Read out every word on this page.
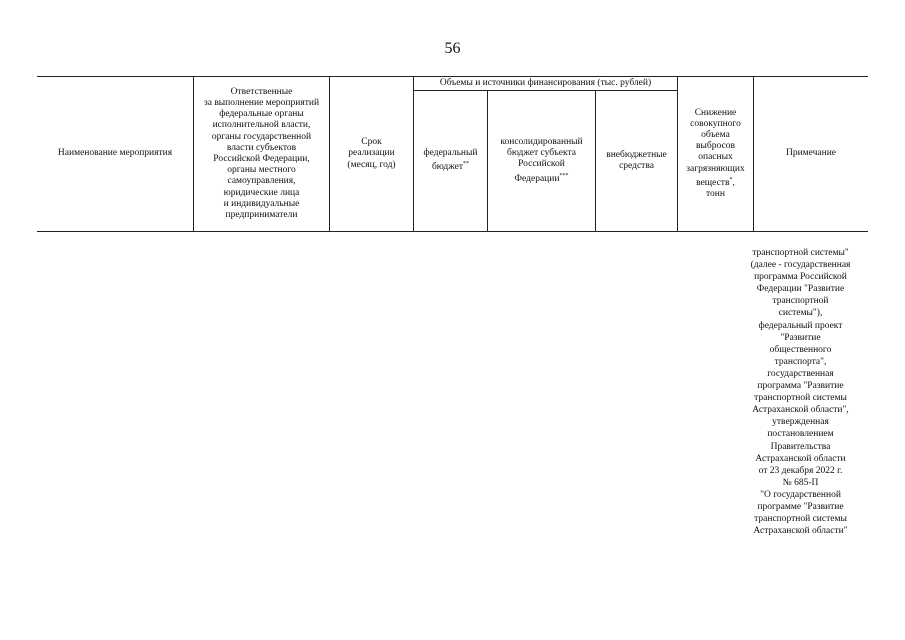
56
Наименование мероприятия
Ответственные
за выполнение мероприятий
федеральные органы
исполнительной власти,
органы государственной
власти субъектов
Российской Федерации,
органы местного
самоуправления,
юридические лица
и индивидуальные
предприниматели
Срок
реализации
(месяц, год)
Объемы и источники финансирования (тыс. рублей)
федеральный
бюджет**
консолидированный
бюджет субъекта
Российской
Федерации***
внебюджетные
средства
Снижение
совокупного
объема
выбросов
опасных
загрязняющих
веществ*,
тонн
Примечание
транспортной системы"
(далее - государственная
программа Российской
Федерации "Развитие
транспортной
системы"),
федеральный проект
"Развитие
общественного
транспорта",
государственная
программа "Развитие
транспортной системы
Астраханской области",
утвержденная
постановлением
Правительства
Астраханской области
от 23 декабря 2022 г.
№ 685-П
"О государственной
программе "Развитие
транспортной системы
Астраханской области"
